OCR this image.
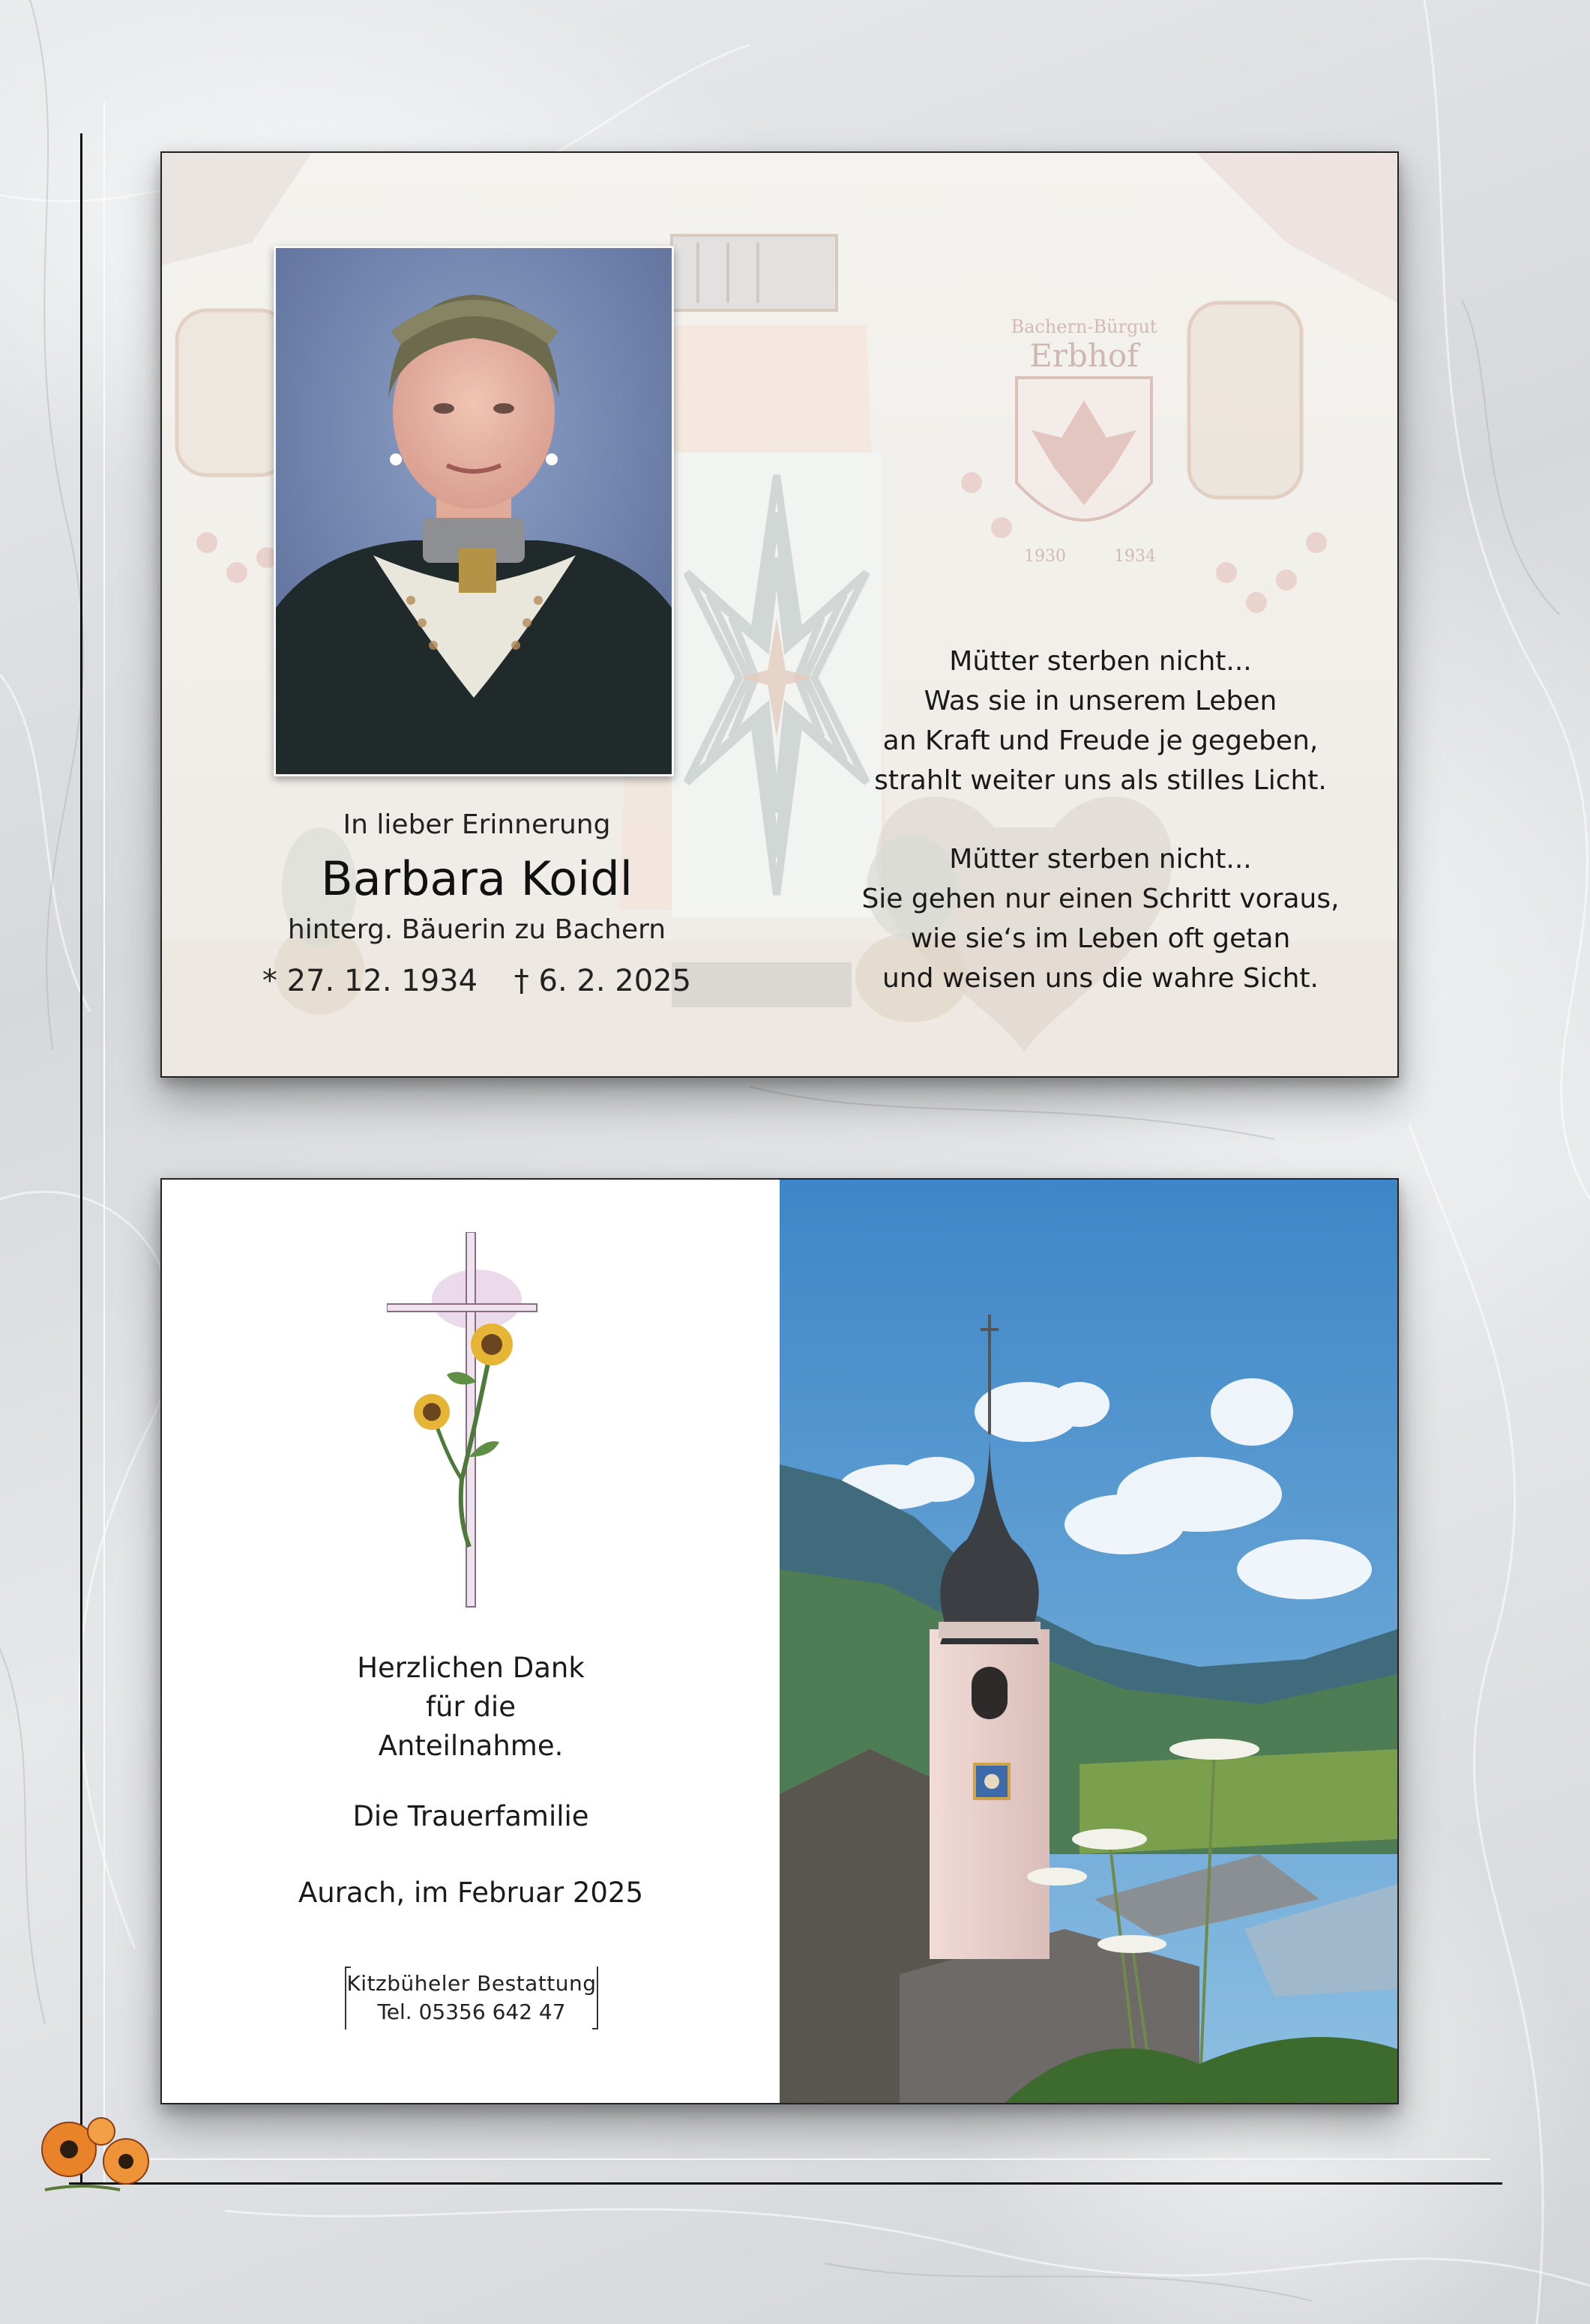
Erbhof
Bachern-Bürgut
1930	1934
In lieber Erinnerung
Barbara Koidl
hinterg. Bäuerin zu Bachern
* 27. 12. 1934 † 6. 2. 2025
Mütter sterben nicht...
Was sie in unserem Leben
an Kraft und Freude je gegeben,
strahlt weiter uns als stilles Licht.
Mütter sterben nicht...
Sie gehen nur einen Schritt voraus,
wie sie‘s im Leben oft getan
und weisen uns die wahre Sicht.
Herzlichen Dank
für die
Anteilnahme.
Die Trauerfamilie
Aurach, im Februar 2025
Kitzbüheler Bestattung
Tel. 05356 642 47
